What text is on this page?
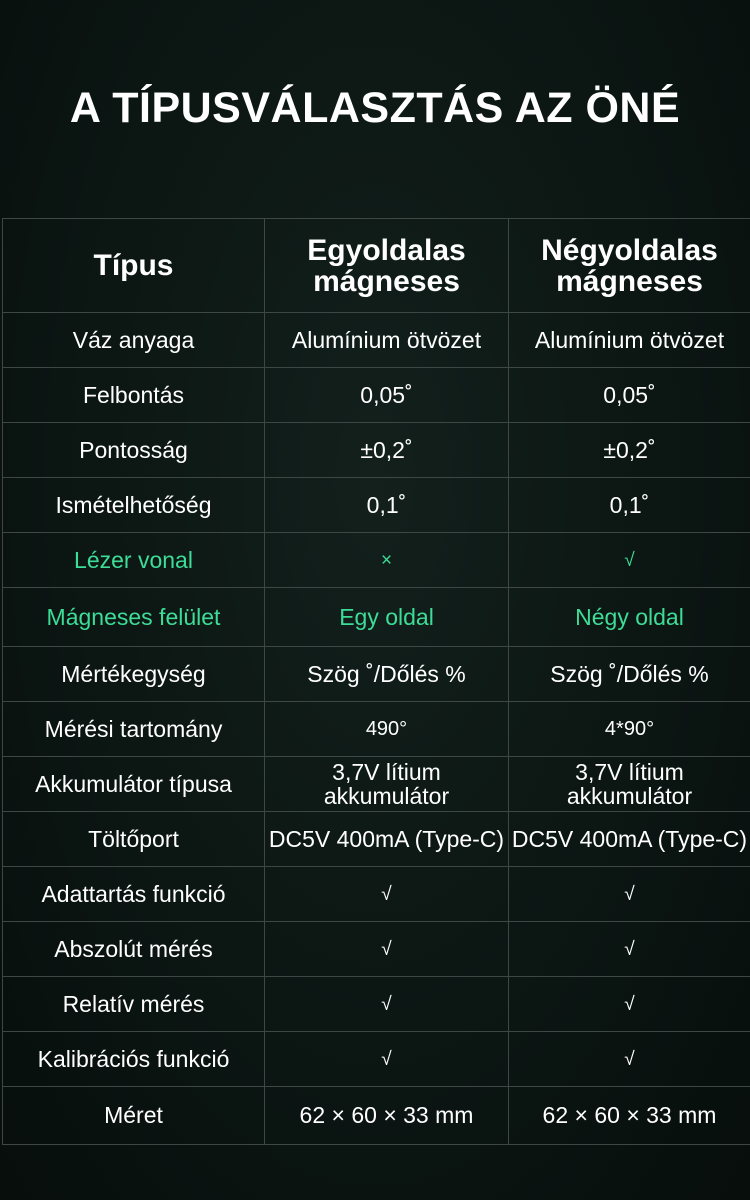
A TÍPUSVÁLASZTÁS AZ ÖNÉ
Típus	Egyoldalas mágneses	Négyoldalas mágneses
Váz anyaga	Alumínium ötvözet	Alumínium ötvözet
Felbontás	0,05˚	0,05˚
Pontosság	±0,2˚	±0,2˚
Ismételhetőség	0,1˚	0,1˚
Lézer vonal	×	√
Mágneses felület	Egy oldal	Négy oldal
Mértékegység	Szög ˚/Dőlés %	Szög ˚/Dőlés %
Mérési tartomány	490°	4*90°
Akkumulátor típusa	3,7V lítium akkumulátor	3,7V lítium akkumulátor
Töltőport	DC5V 400mA (Type-C)	DC5V 400mA (Type-C)
Adattartás funkció	√	√
Abszolút mérés	√	√
Relatív mérés	√	√
Kalibrációs funkció	√	√
Méret	62 × 60 × 33 mm	62 × 60 × 33 mm
